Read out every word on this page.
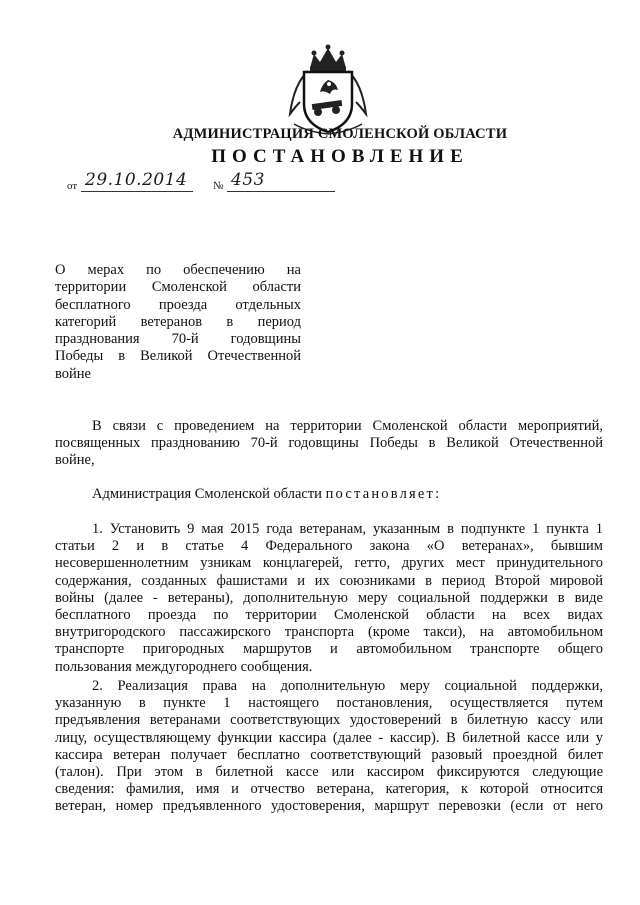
АДМИНИСТРАЦИЯ СМОЛЕНСКОЙ ОБЛАСТИ
ПОСТАНОВЛЕНИЕ
от 29.10.2014 № 453
О мерах по обеспечению на
территории Смоленской области
бесплатного проезда отдельных
категорий ветеранов в период
празднования 70-й годовщины
Победы в Великой Отечественной
войне
В связи с проведением на территории Смоленской области мероприятий,
посвященных празднованию 70-й годовщины Победы в Великой Отечественной
войне,
Администрация Смоленской области постановляет:
1. Установить 9 мая 2015 года ветеранам, указанным в подпункте 1 пункта 1
статьи 2 и в статье 4 Федерального закона «О ветеранах», бывшим
несовершеннолетним узникам концлагерей, гетто, других мест принудительного
содержания, созданных фашистами и их союзниками в период Второй мировой
войны (далее - ветераны), дополнительную меру социальной поддержки в виде
бесплатного проезда по территории Смоленской области на всех видах
внутригородского пассажирского транспорта (кроме такси), на автомобильном
транспорте пригородных маршрутов и автомобильном транспорте общего
пользования междугороднего сообщения.
2. Реализация права на дополнительную меру социальной поддержки,
указанную в пункте 1 настоящего постановления, осуществляется путем
предъявления ветеранами соответствующих удостоверений в билетную кассу или
лицу, осуществляющему функции кассира (далее - кассир). В билетной кассе или у
кассира ветеран получает бесплатно соответствующий разовый проездной билет
(талон). При этом в билетной кассе или кассиром фиксируются следующие
сведения: фамилия, имя и отчество ветерана, категория, к которой относится
ветеран, номер предъявленного удостоверения, маршрут перевозки (если от него
